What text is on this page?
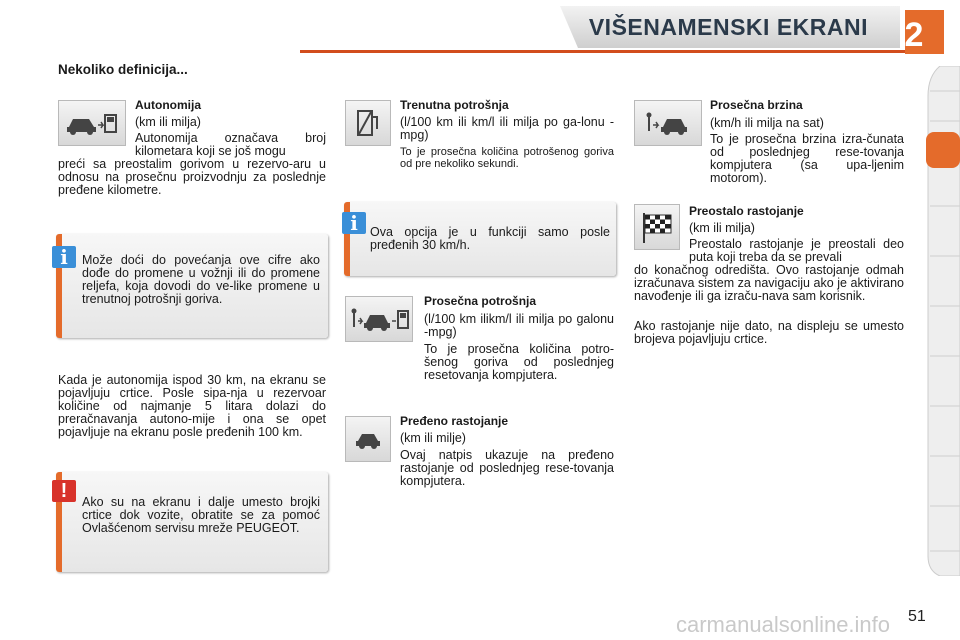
VIŠENAMENSKI EKRANI	2
Nekoliko definicija...
Autonomija

(km ili milja)

Autonomija označava broj kilometara koji se još mogu

preći sa preostalim gorivom u rezervo-aru u odnosu na prosečnu proizvodnju za poslednje pređene kilometre.

Može doći do povećanja ove cifre ako dođe do promene u vožnji ili do promene reljefa, koja dovodi do ve-like promene u trenutnoj potrošnji goriva.

i

Kada je autonomija ispod 30 km, na ekranu se pojavljuju crtice. Posle sipa-nja u rezervoar količine od najmanje 5 litara dolazi do preračnavanja autono-mije i ona se opet pojavljuje na ekranu posle pređenih 100 km.

Ako su na ekranu i dalje umesto brojki crtice dok vozite, obratite se za pomoć Ovlašćenom servisu mreže PEUGEOT.

!
Trenutna potrošnja

(l/100 km ili km/l ili milja po ga-lonu -mpg)

To je prosečna količina potrošenog goriva od pre nekoliko sekundi.

Ova opcija je u funkciji samo posle pređenih 30 km/h.

i
Prosečna potrošnja

(l/100 km ilikm/l ili milja po galonu -mpg)

To je prosečna količina potro-šenog goriva od poslednjeg resetovanja kompjutera.

Pređeno rastojanje

(km ili milje)

Ovaj natpis ukazuje na pređeno rastojanje od poslednjeg rese-tovanja kompjutera.

Prosečna brzina

(km/h ili milja na sat)

To je prosečna brzina izra-čunata od poslednjeg rese-tovanja kompjutera (sa upa-ljenim motorom).

Preostalo rastojanje

(km ili milja)

Preostalo rastojanje je preostali deo puta koji treba da se prevali

do konačnog odredišta. Ovo rastojanje odmah izračunava sistem za navigaciju ako je aktivirano navođenje ili ga izraču-nava sam korisnik.

Ako rastojanje nije dato, na displeju se umesto brojeva pojavljuju crtice.

carmanualsonline.info 51
